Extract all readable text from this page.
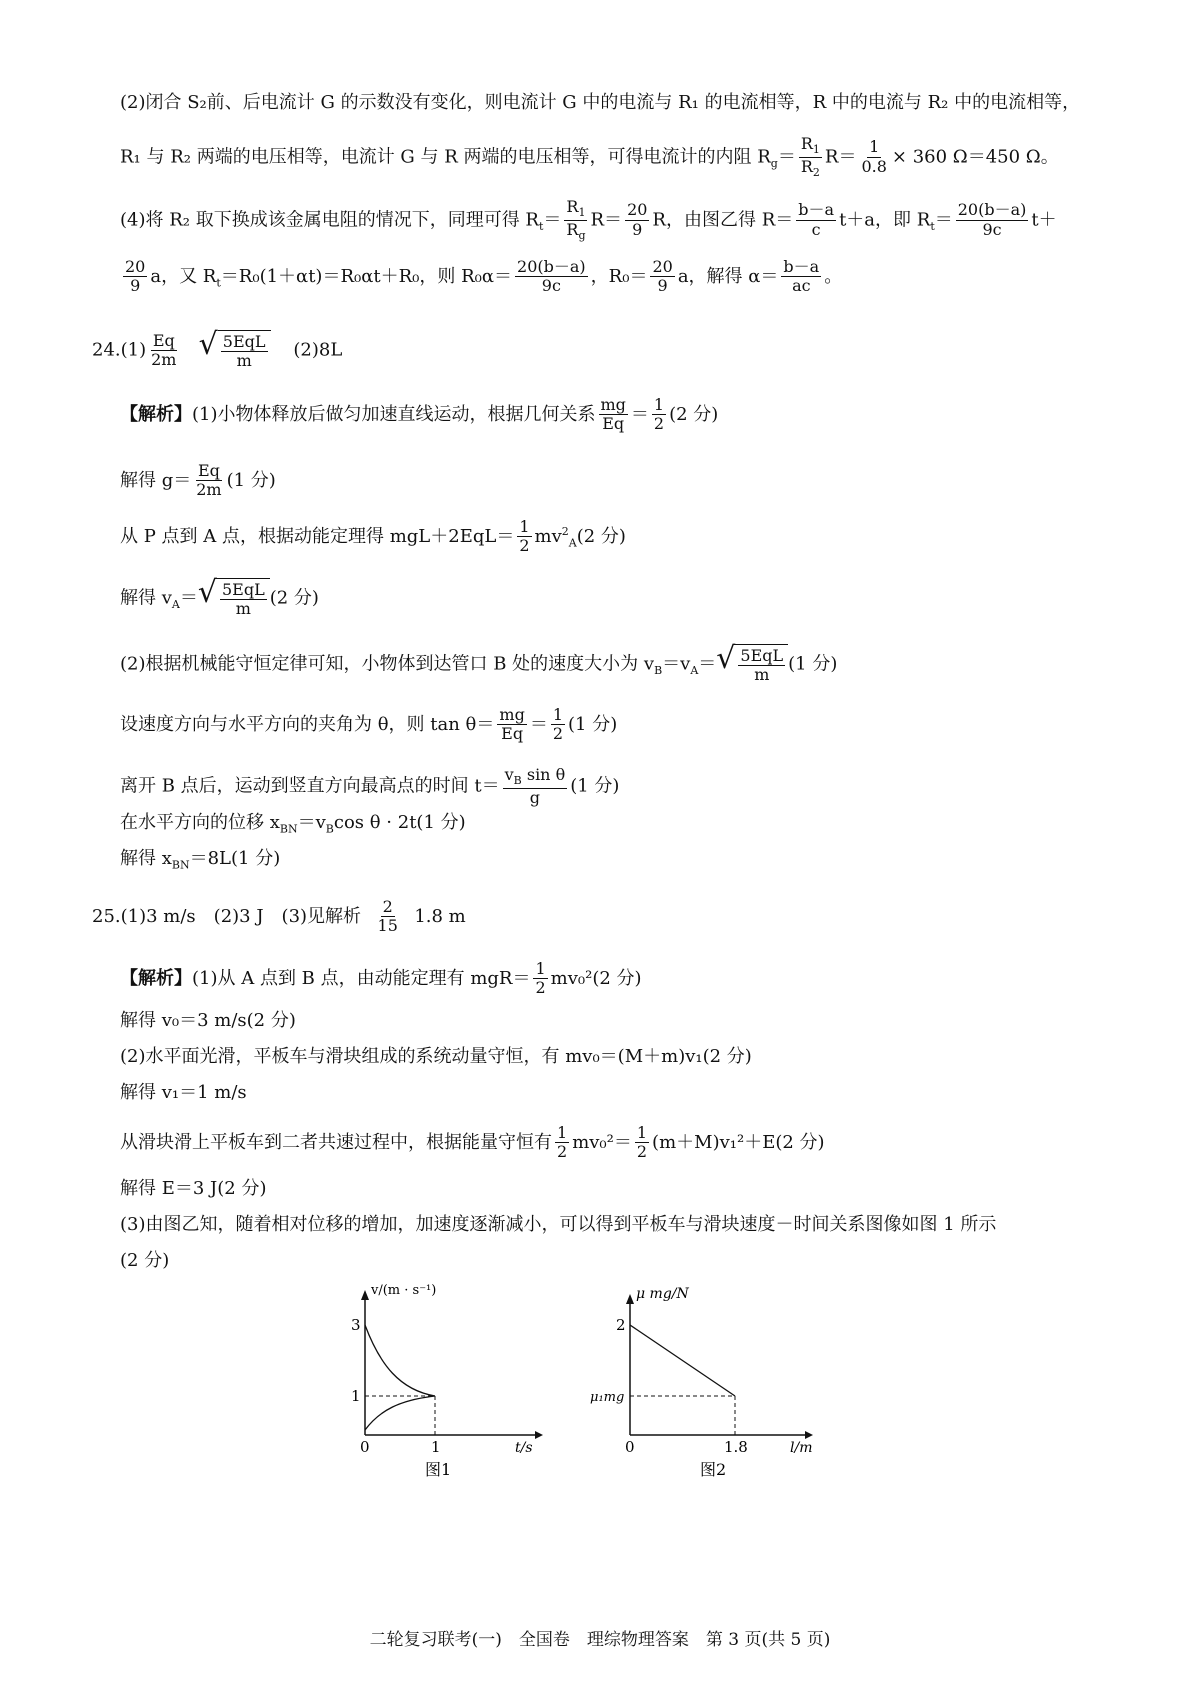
(2)闭合 S₂前、后电流计 G 的示数没有变化，则电流计 G 中的电流与 R₁ 的电流相等，R 中的电流与 R₂ 中的电流相等，
R₁ 与 R₂ 两端的电压相等，电流计 G 与 R 两端的电压相等，可得电流计的内阻 $R_g= \frac{R_1}{R_2} R= \frac{1}{0.8} \times 360$ Ω＝450 Ω。
(4)将 R₂ 取下换成该金属电阻的情况下，同理可得 $R_t= \frac{R_1}{R_g} R= \frac{20}{9}$ R，由图乙得 $R= \frac{b-a}{c} t+a$，即 $R_t= \frac{20(b-a)}{9c} t+$
$\frac{20}{9}$ a，又 $R_t=R_0(1+\alpha t)=R_0\alpha t+R_0$，则 $R_0\alpha= \frac{20(b-a)}{9c}$ ，$R_0= \frac{20}{9}$ a，解得 $\alpha= \frac{b-a}{ac}$ 。
$24.(1) \frac{Eq}{2m}$
√ $\frac{\text{5EqL}}{m} (2)8L$
【解析】(1)小物体释放后做匀加速直线运动，根据几何关系 $\frac{mg}{Eq} = \frac{1}{2} (2$ 分)
解得 $g= \frac{Eq}{2m} (1$ 分)
从 P 点到 A 点，根据动能定理得 $mgL+2EqL= \frac{1}{2} mv^2_A(2$ 分)
解得 $v_A=$ √ $\frac{\text{5EqL}}{m} (2$ 分)
(2)根据机械能守恒定律可知，小物体到达管口 B 处的速度大小为 $v_B=v_A=$ √ $\frac{\text{5EqL}}{m} (1$ 分)
设速度方向与水平方向的夹角为 θ，则 $\tan \theta= \frac{mg}{Eq} = \frac{1}{2} (1$ 分)
离开 B 点后，运动到竖直方向最高点的时间 $t= \frac{v_B \sin \theta}{g} (1$ 分)
在水平方向的位移 $x_{BN}=v_B\cos$ θ · 2t(1 分)
解得 $x_{BN}=8L(1$ 分)
25.(1)3 m/s　(2)3 J　(3)见解析 $\frac{2}{15} 1.8$ m
【解析】(1)从 A 点到 B 点，由动能定理有 $mgR= \frac{1}{2} mv_0^2(2$ 分)
解得 v₀＝3 m/s(2 分)
(2)水平面光滑，平板车与滑块组成的系统动量守恒，有 mv₀＝(M＋m)v₁(2 分)
解得 v₁＝1 m/s
从滑块滑上平板车到二者共速过程中，根据能量守恒有 $\frac{1}{2} mv_0^2= \frac{1}{2} (m+M)v_1^2+E(2$ 分)
解得 E＝3 J(2 分)
(3)由图乙知，随着相对位移的增加，加速度逐渐减小，可以得到平板车与滑块速度－时间关系图像如图 1 所示
(2 分)
v/(m · s⁻¹)
t/s
3
1
0	1
图1
μ mg/N
l/m
2
μ₁mg
0	1.8
图2
二轮复习联考(一)　全国卷　理综物理答案　第 3 页(共 5 页)
